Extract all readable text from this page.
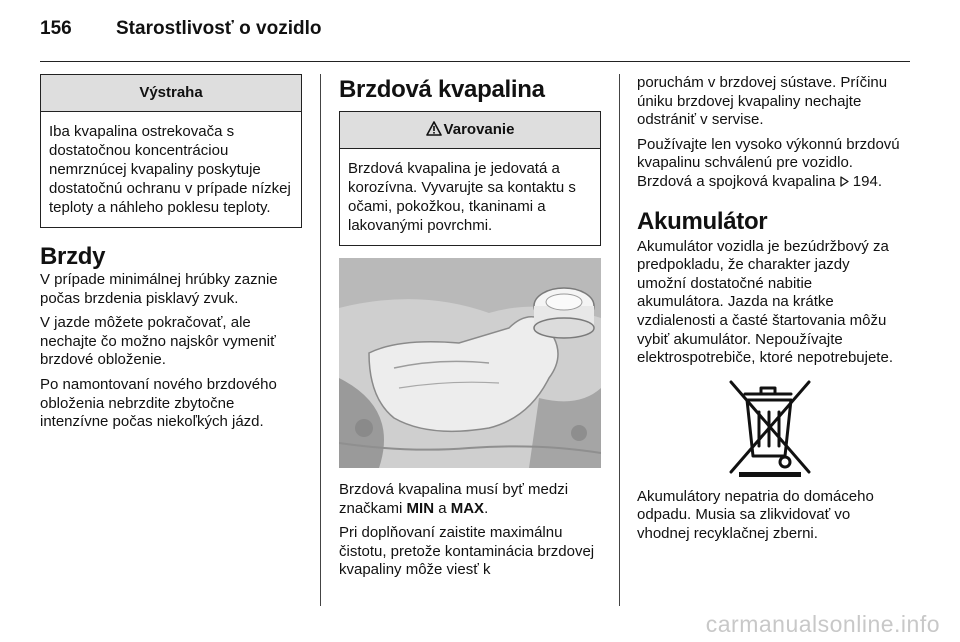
156 Starostlivosť o vozidlo
Výstraha
Iba kvapalina ostrekovača s dostatočnou koncentráciou nemrznúcej kvapaliny poskytuje dostatočnú ochranu v prípade nízkej teploty a náhleho poklesu teploty.
Brzdy

V prípade minimálnej hrúbky zaznie počas brzdenia pisklavý zvuk.

V jazde môžete pokračovať, ale nechajte čo možno najskôr vymeniť brzdové obloženie.

Po namontovaní nového brzdového obloženia nebrzdite zbytočne intenzívne počas niekoľkých jázd.

Brzdová kvapalina
Varovanie
Brzdová kvapalina je jedovatá a korozívna. Vyvarujte sa kontaktu s očami, pokožkou, tkaninami a lakovanými povrchmi.

Brzdová kvapalina musí byť medzi značkami MIN a MAX.

Pri doplňovaní zaistite maximálnu čistotu, pretože kontaminácia brzdovej kvapaliny môže viesť k

poruchám v brzdovej sústave. Príčinu úniku brzdovej kvapaliny nechajte odstrániť v servise.

Používajte len vysoko výkonnú brzdovú kvapalinu schválenú pre vozidlo. Brzdová a spojková kvapalina 194.

Akumulátor

Akumulátor vozidla je bezúdržbový za predpokladu, že charakter jazdy umožní dostatočné nabitie akumulátora. Jazda na krátke vzdialenosti a časté štartovania môžu vybiť akumulátor. Nepoužívajte elektrospotrebiče, ktoré nepotrebujete.

Akumulátory nepatria do domáceho odpadu. Musia sa zlikvidovať vo vhodnej recyklačnej zberni.

carmanualsonline.info
